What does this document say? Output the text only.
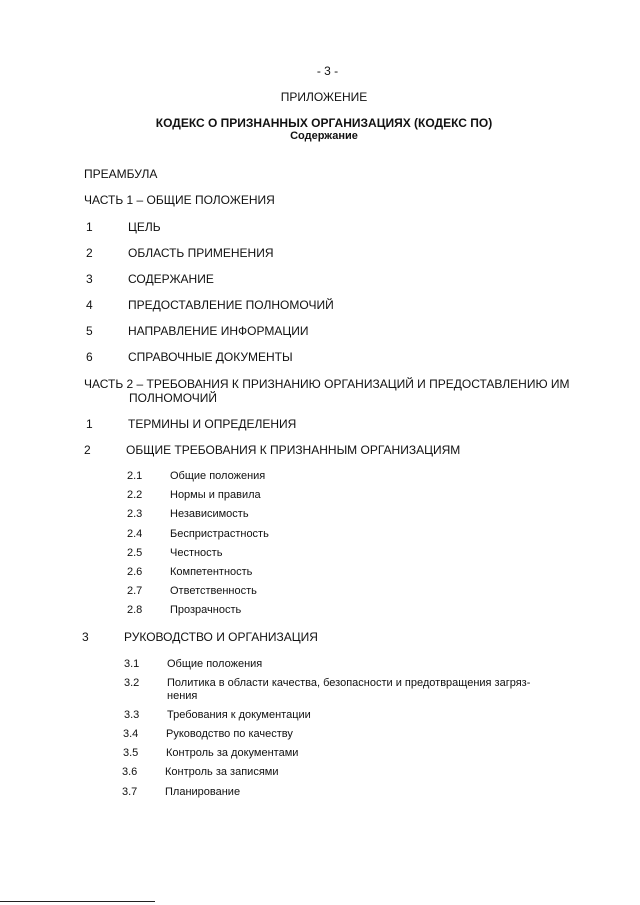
- 3 -
ПРИЛОЖЕНИЕ
КОДЕКС О ПРИЗНАННЫХ ОРГАНИЗАЦИЯХ (КОДЕКС ПО)
Содержание
ПРЕАМБУЛА
ЧАСТЬ 1 – ОБЩИЕ ПОЛОЖЕНИЯ
1	ЦЕЛЬ
2	ОБЛАСТЬ ПРИМЕНЕНИЯ
3	СОДЕРЖАНИЕ
4	ПРЕДОСТАВЛЕНИЕ ПОЛНОМОЧИЙ
5	НАПРАВЛЕНИЕ ИНФОРМАЦИИ
6	СПРАВОЧНЫЕ ДОКУМЕНТЫ
ЧАСТЬ 2 – ТРЕБОВАНИЯ К ПРИЗНАНИЮ ОРГАНИЗАЦИЙ И ПРЕДОСТАВЛЕНИЮ ИМ
ПОЛНОМОЧИЙ
1	ТЕРМИНЫ И ОПРЕДЕЛЕНИЯ
2	ОБЩИЕ ТРЕБОВАНИЯ К ПРИЗНАННЫМ ОРГАНИЗАЦИЯМ
2.1	Общие положения
2.2	Нормы и правила
2.3	Независимость
2.4	Беспристрастность
2.5	Честность
2.6	Компетентность
2.7	Ответственность
2.8	Прозрачность
3	РУКОВОДСТВО И ОРГАНИЗАЦИЯ
3.1	Общие положения
3.2	Политика в области качества, безопасности и предотвращения загряз-
нения
3.3	Требования к документации
3.4	Руководство по качеству
3.5	Контроль за документами
3.6	Контроль за записями
3.7	Планирование
